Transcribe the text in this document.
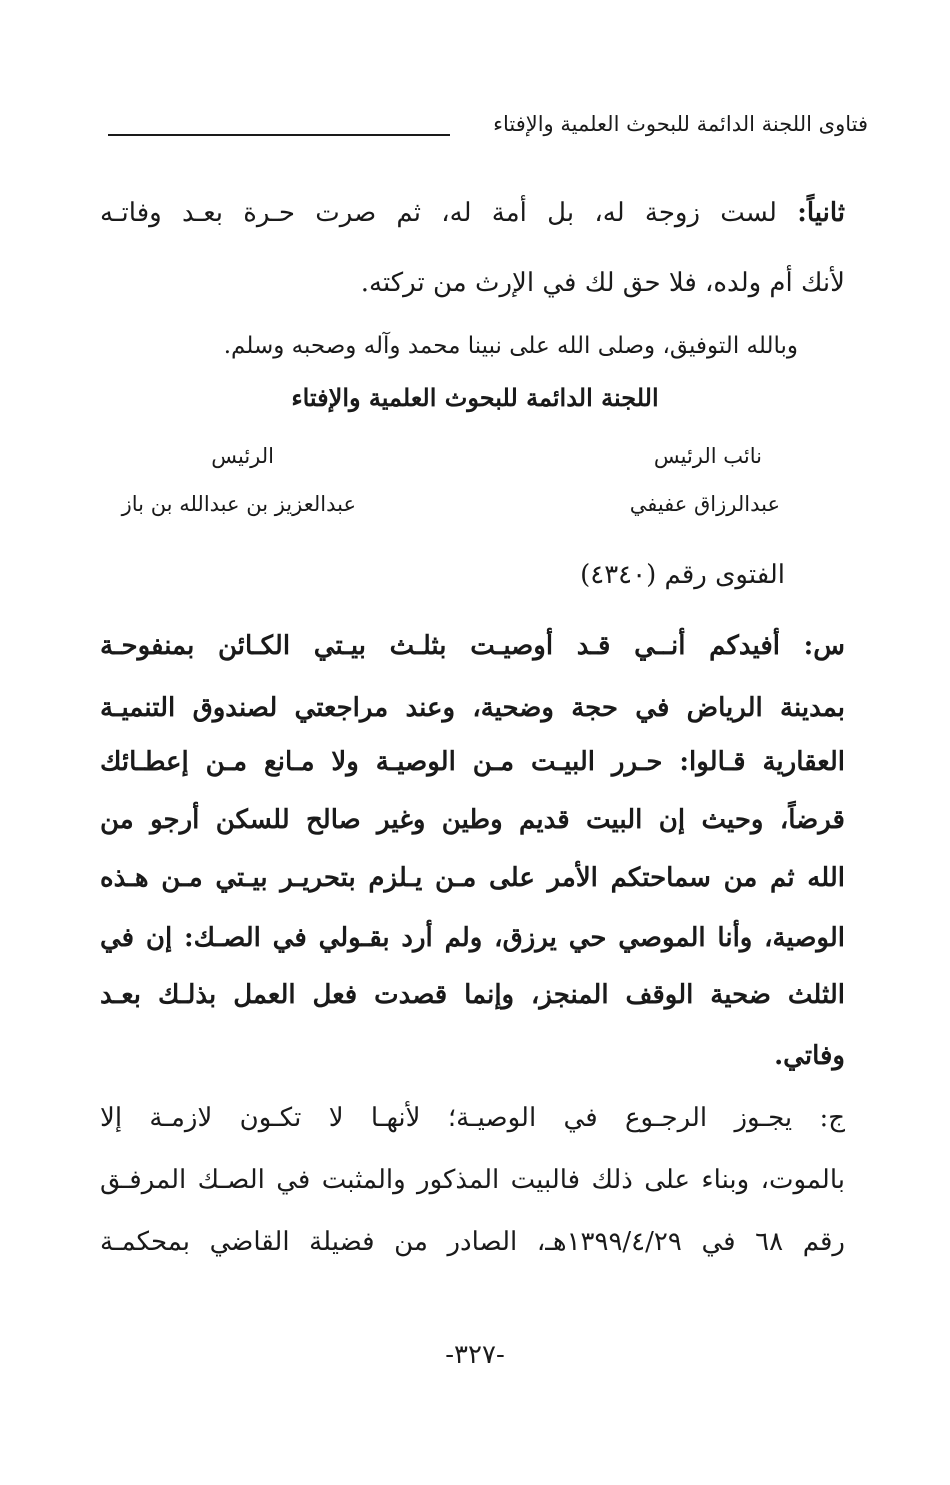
فتاوى اللجنة الدائمة للبحوث العلمية والإفتاء
ثانياً: لست زوجة له، بل أمة له، ثم صرت حـرة بعـد وفاتـه
لأنك أم ولده، فلا حق لك في الإرث من تركته.
وبالله التوفيق، وصلى الله على نبينا محمد وآله وصحبه وسلم.
اللجنة الدائمة للبحوث العلمية والإفتاء
نائب الرئيس
الرئيس
عبدالرزاق عفيفي
عبدالعزيز بن عبدالله بن باز
الفتوى رقم (٤٣٤٠)
س: أفيدكم أنــي قـد أوصيـت بثلـث بيـتي الكـائن بمنفوحـة
بمدينة الرياض في حجة وضحية، وعند مراجعتي لصندوق التنميـة
العقارية قـالوا: حـرر البيـت مـن الوصيـة ولا مـانع مـن إعطـائك
قرضاً، وحيث إن البيت قديم وطين وغير صالح للسكن أرجو من
الله ثم من سماحتكم الأمر على مـن يـلزم بتحريـر بيـتي مـن هـذه
الوصية، وأنا الموصي حي يرزق، ولم أرد بقـولي في الصـك: إن في
الثلث ضحية الوقف المنجز، وإنما قصدت فعل العمل بذلـك بعـد
وفاتي.
ج: يجـوز الرجـوع في الوصيـة؛ لأنهـا لا تكـون لازمـة إلا
بالموت، وبناء على ذلك فالبيت المذكور والمثبت في الصـك المرفـق
رقم ٦٨ في ١٣٩٩/٤/٢٩هـ، الصادر من فضيلة القاضي بمحكمـة
-٣٢٧-
